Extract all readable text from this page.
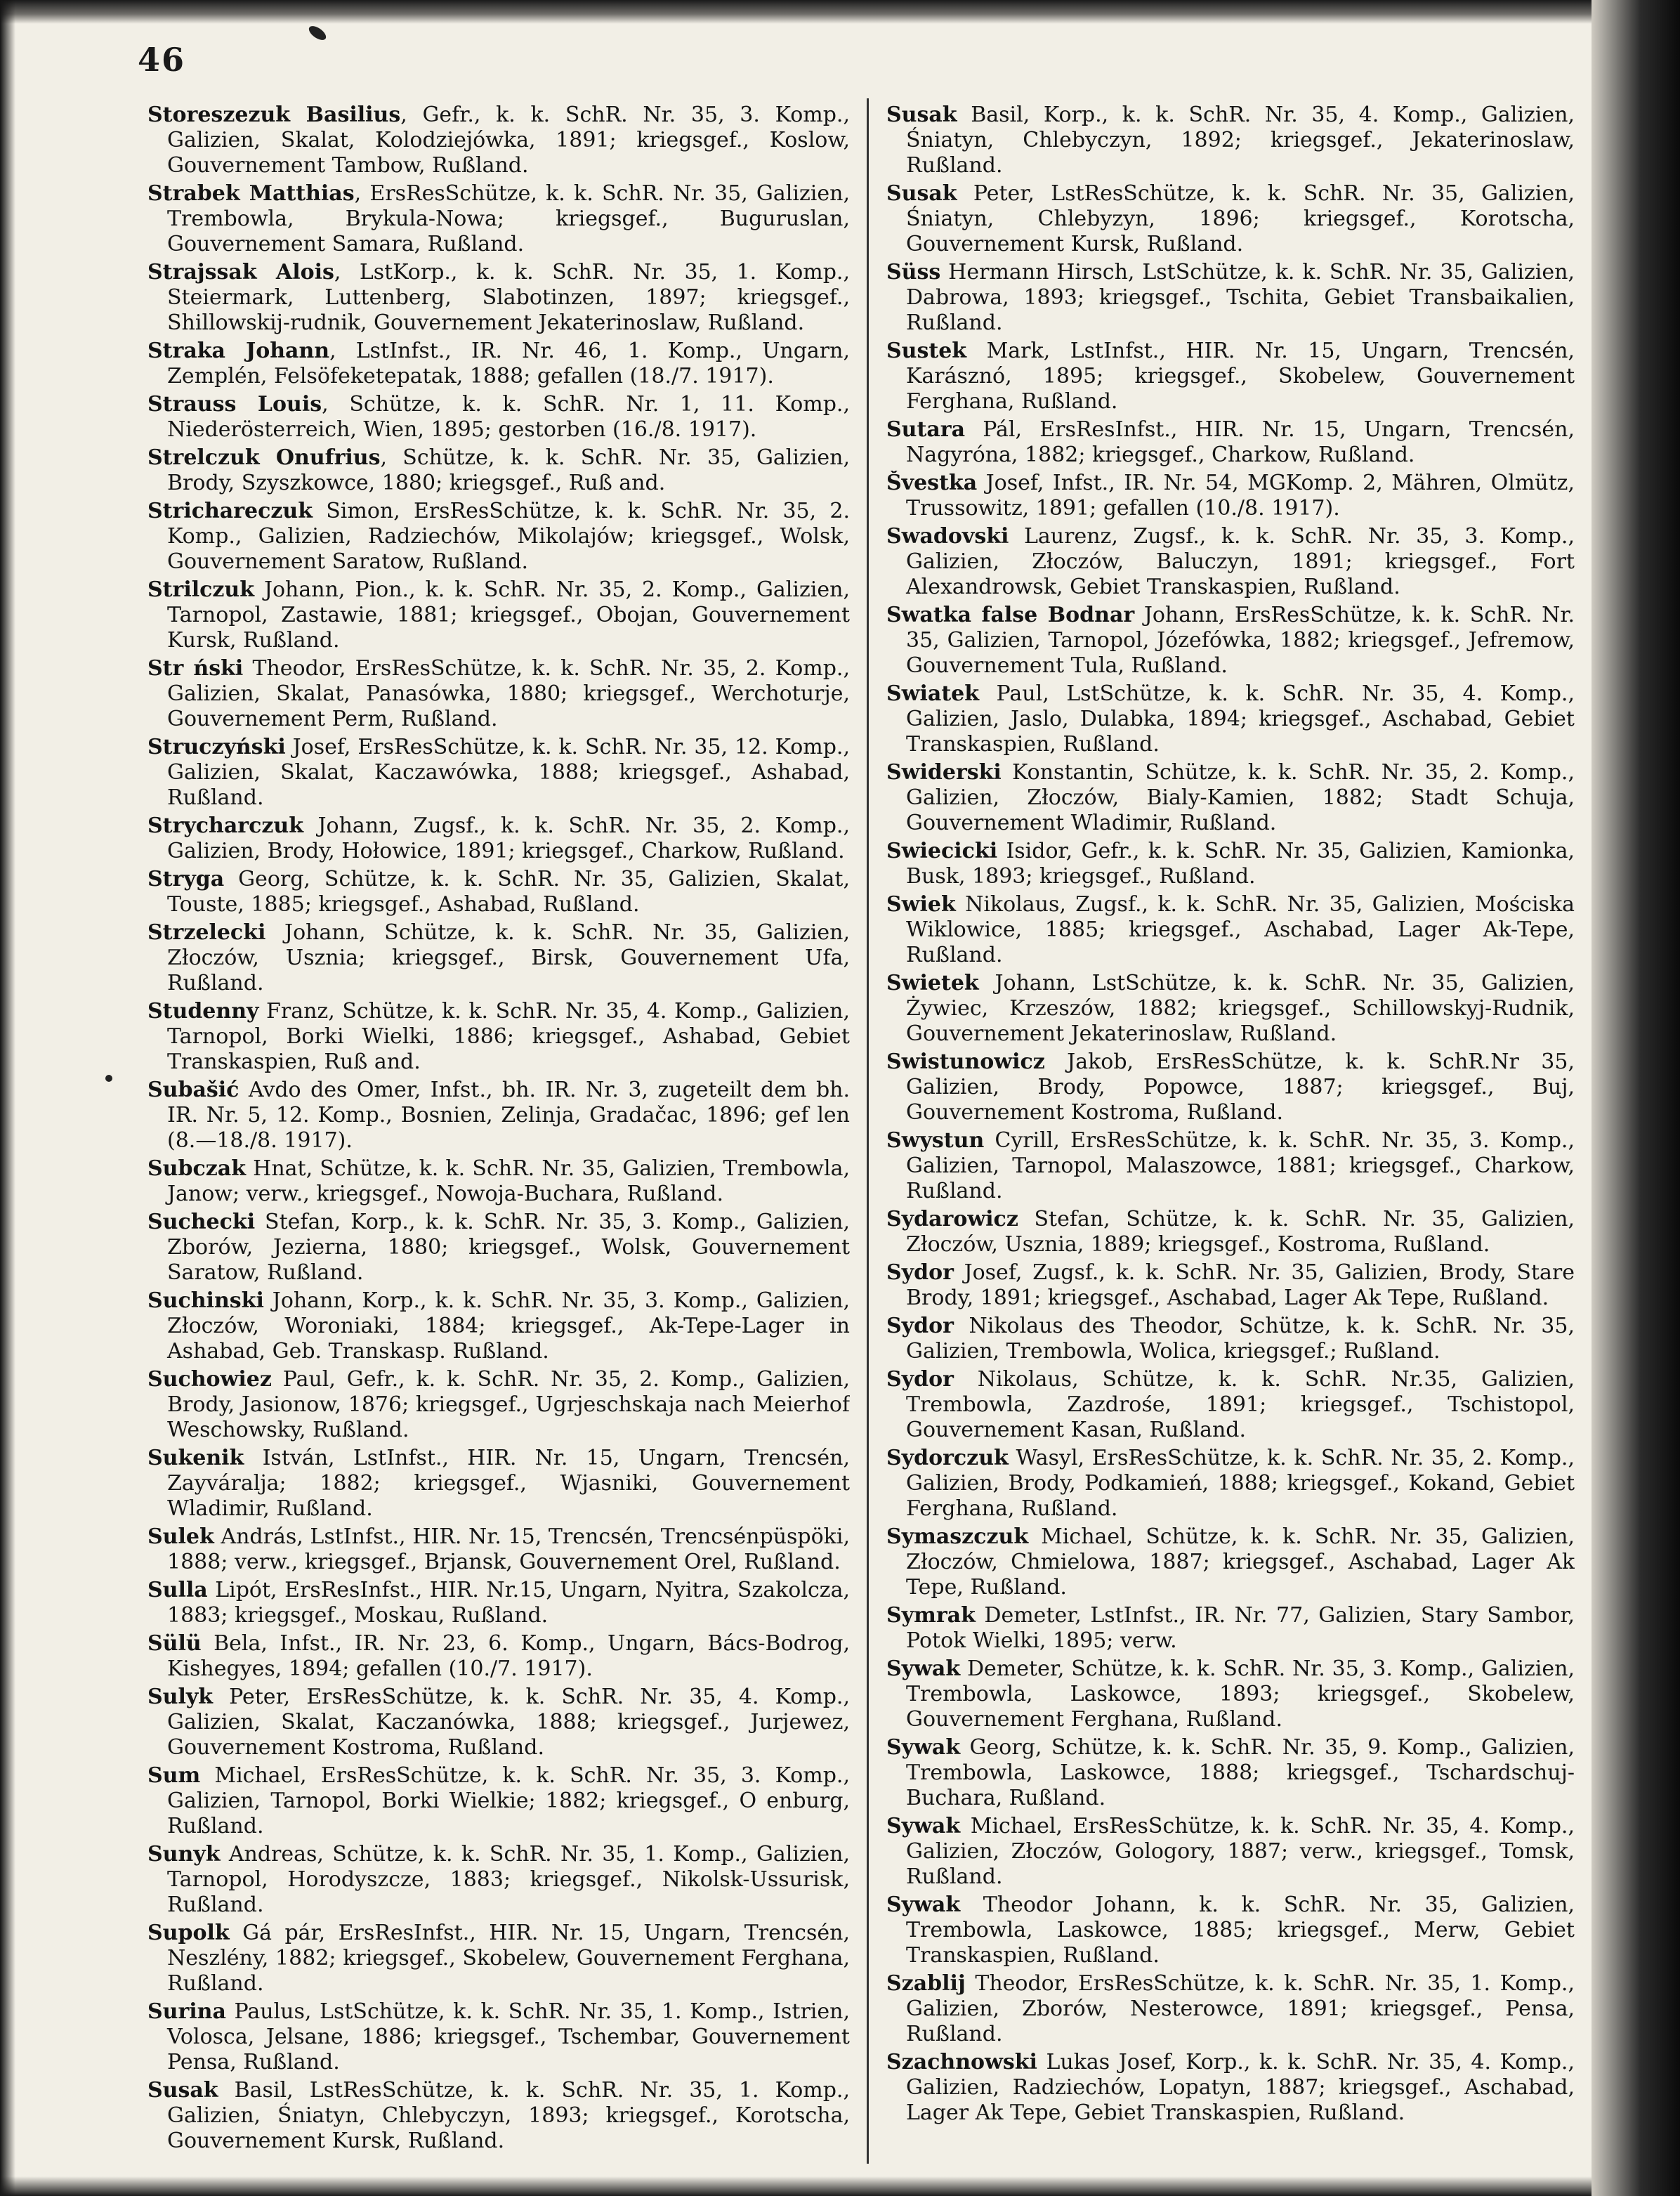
46

Storeszezuk Basilius, Gefr., k. k. SchR. Nr. 35, 3. Komp., Galizien, Skalat, Kolodziejówka, 1891; kriegsgef., Koslow, Gouvernement Tambow, Rußland.

Strabek Matthias, ErsResSchütze, k. k. SchR. Nr. 35, Galizien, Trembowla, Brykula-Nowa; kriegsgef., Buguruslan, Gouvernement Samara, Rußland.

Strajssak Alois, LstKorp., k. k. SchR. Nr. 35, 1. Komp., Steiermark, Luttenberg, Slabotinzen, 1897; kriegsgef., Shillowskij-rudnik, Gouvernement Jekaterinoslaw, Rußland.

Straka Johann, LstInfst., IR. Nr. 46, 1. Komp., Ungarn, Zemplén, Felsöfeketepatak, 1888; gefallen (18./7. 1917).

Strauss Louis, Schütze, k. k. SchR. Nr. 1, 11. Komp., Niederösterreich, Wien, 1895; gestorben (16./8. 1917).

Strelczuk Onufrius, Schütze, k. k. SchR. Nr. 35, Galizien, Brody, Szyszkowce, 1880; kriegsgef., Ruß and.

Strichareczuk Simon, ErsResSchütze, k. k. SchR. Nr. 35, 2. Komp., Galizien, Radziechów, Mikolajów; kriegsgef., Wolsk, Gouvernement Saratow, Rußland.

Strilczuk Johann, Pion., k. k. SchR. Nr. 35, 2. Komp., Galizien, Tarnopol, Zastawie, 1881; kriegsgef., Obojan, Gouvernement Kursk, Rußland.

Str ński Theodor, ErsResSchütze, k. k. SchR. Nr. 35, 2. Komp., Galizien, Skalat, Panasówka, 1880; kriegsgef., Werchoturje, Gouvernement Perm, Rußland.

Struczyński Josef, ErsResSchütze, k. k. SchR. Nr. 35, 12. Komp., Galizien, Skalat, Kaczawówka, 1888; kriegsgef., Ashabad, Rußland.

Strycharczuk Johann, Zugsf., k. k. SchR. Nr. 35, 2. Komp., Galizien, Brody, Hołowice, 1891; kriegsgef., Charkow, Rußland.

Stryga Georg, Schütze, k. k. SchR. Nr. 35, Galizien, Skalat, Touste, 1885; kriegsgef., Ashabad, Rußland.

Strzelecki Johann, Schütze, k. k. SchR. Nr. 35, Galizien, Złoczów, Usznia; kriegsgef., Birsk, Gouvernement Ufa, Rußland.

Studenny Franz, Schütze, k. k. SchR. Nr. 35, 4. Komp., Galizien, Tarnopol, Borki Wielki, 1886; kriegsgef., Ashabad, Gebiet Transkaspien, Ruß and.

Subašić Avdo des Omer, Infst., bh. IR. Nr. 3, zugeteilt dem bh. IR. Nr. 5, 12. Komp., Bosnien, Zelinja, Gradačac, 1896; gef len (8.—18./8. 1917).

Subczak Hnat, Schütze, k. k. SchR. Nr. 35, Galizien, Trembowla, Janow; verw., kriegsgef., Nowoja-Buchara, Rußland.

Suchecki Stefan, Korp., k. k. SchR. Nr. 35, 3. Komp., Galizien, Zborów, Jezierna, 1880; kriegsgef., Wolsk, Gouvernement Saratow, Rußland.

Suchinski Johann, Korp., k. k. SchR. Nr. 35, 3. Komp., Galizien, Złoczów, Woroniaki, 1884; kriegsgef., Ak-Tepe-Lager in Ashabad, Geb. Transkasp. Rußland.

Suchowiez Paul, Gefr., k. k. SchR. Nr. 35, 2. Komp., Galizien, Brody, Jasionow, 1876; kriegsgef., Ugrjeschskaja nach Meierhof Weschowsky, Rußland.

Sukenik István, LstInfst., HIR. Nr. 15, Ungarn, Trencsén, Zayváralja; 1882; kriegsgef., Wjasniki, Gouvernement Wladimir, Rußland.

Sulek András, LstInfst., HIR. Nr. 15, Trencsén, Trencsénpüspöki, 1888; verw., kriegsgef., Brjansk, Gouvernement Orel, Rußland.

Sulla Lipót, ErsResInfst., HIR. Nr.15, Ungarn, Nyitra, Szakolcza, 1883; kriegsgef., Moskau, Rußland.

Sülü Bela, Infst., IR. Nr. 23, 6. Komp., Ungarn, Bács-Bodrog, Kishegyes, 1894; gefallen (10./7. 1917).

Sulyk Peter, ErsResSchütze, k. k. SchR. Nr. 35, 4. Komp., Galizien, Skalat, Kaczanówka, 1888; kriegsgef., Jurjewez, Gouvernement Kostroma, Rußland.

Sum Michael, ErsResSchütze, k. k. SchR. Nr. 35, 3. Komp., Galizien, Tarnopol, Borki Wielkie; 1882; kriegsgef., O enburg, Rußland.

Sunyk Andreas, Schütze, k. k. SchR. Nr. 35, 1. Komp., Galizien, Tarnopol, Horodyszcze, 1883; kriegsgef., Nikolsk-Ussurisk, Rußland.

Supolk Gá pár, ErsResInfst., HIR. Nr. 15, Ungarn, Trencsén, Neszlény, 1882; kriegsgef., Skobelew, Gouvernement Ferghana, Rußland.

Surina Paulus, LstSchütze, k. k. SchR. Nr. 35, 1. Komp., Istrien, Volosca, Jelsane, 1886; kriegsgef., Tschembar, Gouvernement Pensa, Rußland.

Susak Basil, LstResSchütze, k. k. SchR. Nr. 35, 1. Komp., Galizien, Śniatyn, Chlebyczyn, 1893; kriegsgef., Korotscha, Gouvernement Kursk, Rußland.

Susak Basil, Korp., k. k. SchR. Nr. 35, 4. Komp., Galizien, Śniatyn, Chlebyczyn, 1892; kriegsgef., Jekaterinoslaw, Rußland.

Susak Peter, LstResSchütze, k. k. SchR. Nr. 35, Galizien, Śniatyn, Chlebyzyn, 1896; kriegsgef., Korotscha, Gouvernement Kursk, Rußland.

Süss Hermann Hirsch, LstSchütze, k. k. SchR. Nr. 35, Galizien, Dabrowa, 1893; kriegsgef., Tschita, Gebiet Transbaikalien, Rußland.

Sustek Mark, LstInfst., HIR. Nr. 15, Ungarn, Trencsén, Karásznó, 1895; kriegsgef., Skobelew, Gouvernement Ferghana, Rußland.

Sutara Pál, ErsResInfst., HIR. Nr. 15, Ungarn, Trencsén, Nagyróna, 1882; kriegsgef., Charkow, Rußland.

Švestka Josef, Infst., IR. Nr. 54, MGKomp. 2, Mähren, Olmütz, Trussowitz, 1891; gefallen (10./8. 1917).

Swadovski Laurenz, Zugsf., k. k. SchR. Nr. 35, 3. Komp., Galizien, Złoczów, Baluczyn, 1891; kriegsgef., Fort Alexandrowsk, Gebiet Transkaspien, Rußland.

Swatka false Bodnar Johann, ErsResSchütze, k. k. SchR. Nr. 35, Galizien, Tarnopol, Józefówka, 1882; kriegsgef., Jefremow, Gouvernement Tula, Rußland.

Swiatek Paul, LstSchütze, k. k. SchR. Nr. 35, 4. Komp., Galizien, Jaslo, Dulabka, 1894; kriegsgef., Aschabad, Gebiet Transkaspien, Rußland.

Swiderski Konstantin, Schütze, k. k. SchR. Nr. 35, 2. Komp., Galizien, Złoczów, Bialy-Kamien, 1882; Stadt Schuja, Gouvernement Wladimir, Rußland.

Swiecicki Isidor, Gefr., k. k. SchR. Nr. 35, Galizien, Kamionka, Busk, 1893; kriegsgef., Rußland.

Swiek Nikolaus, Zugsf., k. k. SchR. Nr. 35, Galizien, Mościska Wiklowice, 1885; kriegsgef., Aschabad, Lager Ak-Tepe, Rußland.

Swietek Johann, LstSchütze, k. k. SchR. Nr. 35, Galizien, Żywiec, Krzeszów, 1882; kriegsgef., Schillowskyj-Rudnik, Gouvernement Jekaterinoslaw, Rußland.

Swistunowicz Jakob, ErsResSchütze, k. k. SchR.Nr 35, Galizien, Brody, Popowce, 1887; kriegsgef., Buj, Gouvernement Kostroma, Rußland.

Swystun Cyrill, ErsResSchütze, k. k. SchR. Nr. 35, 3. Komp., Galizien, Tarnopol, Malaszowce, 1881; kriegsgef., Charkow, Rußland.

Sydarowicz Stefan, Schütze, k. k. SchR. Nr. 35, Galizien, Złoczów, Usznia, 1889; kriegsgef., Kostroma, Rußland.

Sydor Josef, Zugsf., k. k. SchR. Nr. 35, Galizien, Brody, Stare Brody, 1891; kriegsgef., Aschabad, Lager Ak Tepe, Rußland.

Sydor Nikolaus des Theodor, Schütze, k. k. SchR. Nr. 35, Galizien, Trembowla, Wolica, kriegsgef.; Rußland.

Sydor Nikolaus, Schütze, k. k. SchR. Nr.35, Galizien, Trembowla, Zazdrośe, 1891; kriegsgef., Tschistopol, Gouvernement Kasan, Rußland.

Sydorczuk Wasyl, ErsResSchütze, k. k. SchR. Nr. 35, 2. Komp., Galizien, Brody, Podkamień, 1888; kriegsgef., Kokand, Gebiet Ferghana, Rußland.

Symaszczuk Michael, Schütze, k. k. SchR. Nr. 35, Galizien, Złoczów, Chmielowa, 1887; kriegsgef., Aschabad, Lager Ak Tepe, Rußland.

Symrak Demeter, LstInfst., IR. Nr. 77, Galizien, Stary Sambor, Potok Wielki, 1895; verw.

Sywak Demeter, Schütze, k. k. SchR. Nr. 35, 3. Komp., Galizien, Trembowla, Laskowce, 1893; kriegsgef., Skobelew, Gouvernement Ferghana, Rußland.

Sywak Georg, Schütze, k. k. SchR. Nr. 35, 9. Komp., Galizien, Trembowla, Laskowce, 1888; kriegsgef., Tschardschuj-Buchara, Rußland.

Sywak Michael, ErsResSchütze, k. k. SchR. Nr. 35, 4. Komp., Galizien, Złoczów, Gologory, 1887; verw., kriegsgef., Tomsk, Rußland.

Sywak Theodor Johann, k. k. SchR. Nr. 35, Galizien, Trembowla, Laskowce, 1885; kriegsgef., Merw, Gebiet Transkaspien, Rußland.

Szablij Theodor, ErsResSchütze, k. k. SchR. Nr. 35, 1. Komp., Galizien, Zborów, Nesterowce, 1891; kriegsgef., Pensa, Rußland.

Szachnowski Lukas Josef, Korp., k. k. SchR. Nr. 35, 4. Komp., Galizien, Radziechów, Lopatyn, 1887; kriegsgef., Aschabad, Lager Ak Tepe, Gebiet Transkaspien, Rußland.
